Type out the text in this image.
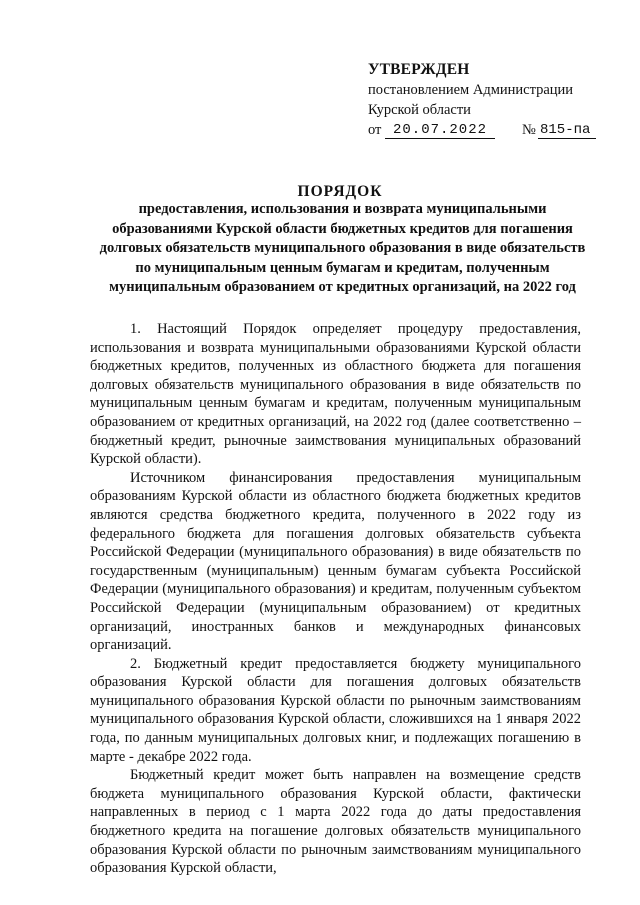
УТВЕРЖДЕН
постановлением Администрации
Курской области
от 20.07.2022	№ 815-па
ПОРЯДОК
предоставления, использования и возврата муниципальными образованиями Курской области бюджетных кредитов для погашения долговых обязательств муниципального образования в виде обязательств по муниципальным ценным бумагам и кредитам, полученным муниципальным образованием от кредитных организаций, на 2022 год

1. Настоящий Порядок определяет процедуру предоставления, использования и возврата муниципальными образованиями Курской области бюджетных кредитов, полученных из областного бюджета для погашения долговых обязательств муниципального образования в виде обязательств по муниципальным ценным бумагам и кредитам, полученным муниципальным образованием от кредитных организаций, на 2022 год (далее соответственно – бюджетный кредит, рыночные заимствования муниципальных образований Курской области).

Источником финансирования предоставления муниципальным образованиям Курской области из областного бюджета бюджетных кредитов являются средства бюджетного кредита, полученного в 2022 году из федерального бюджета для погашения долговых обязательств субъекта Российской Федерации (муниципального образования) в виде обязательств по государственным (муниципальным) ценным бумагам субъекта Российской Федерации (муниципального образования) и кредитам, полученным субъектом Российской Федерации (муниципальным образованием) от кредитных организаций, иностранных банков и международных финансовых организаций.

2. Бюджетный кредит предоставляется бюджету муниципального образования Курской области для погашения долговых обязательств муниципального образования Курской области по рыночным заимствованиям муниципального образования Курской области, сложившихся на 1 января 2022 года, по данным муниципальных долговых книг, и подлежащих погашению в марте - декабре 2022 года.

Бюджетный кредит может быть направлен на возмещение средств бюджета муниципального образования Курской области, фактически направленных в период с 1 марта 2022 года до даты предоставления бюджетного кредита на погашение долговых обязательств муниципального образования Курской области по рыночным заимствованиям муниципального образования Курской области,
